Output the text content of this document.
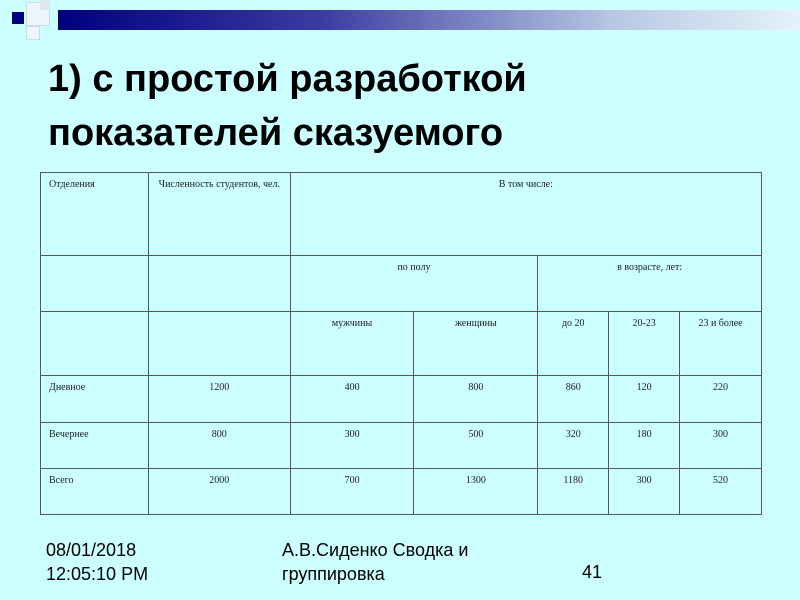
1) с простой разработкой
показателей сказуемого
Отделения	Численность студентов, чел.	В том числе:				
		по полу		в возрасте, лет:		
		мужчины	женщины	до 20	20-23	23 и более
Дневное	1200	400	800	860	120	220
Вечернее	800	300	500	320	180	300
Всего	2000	700	1300	1180	300	520
08/01/2018
12:05:10 PM
А.В.Сиденко Сводка и
группировка	41
